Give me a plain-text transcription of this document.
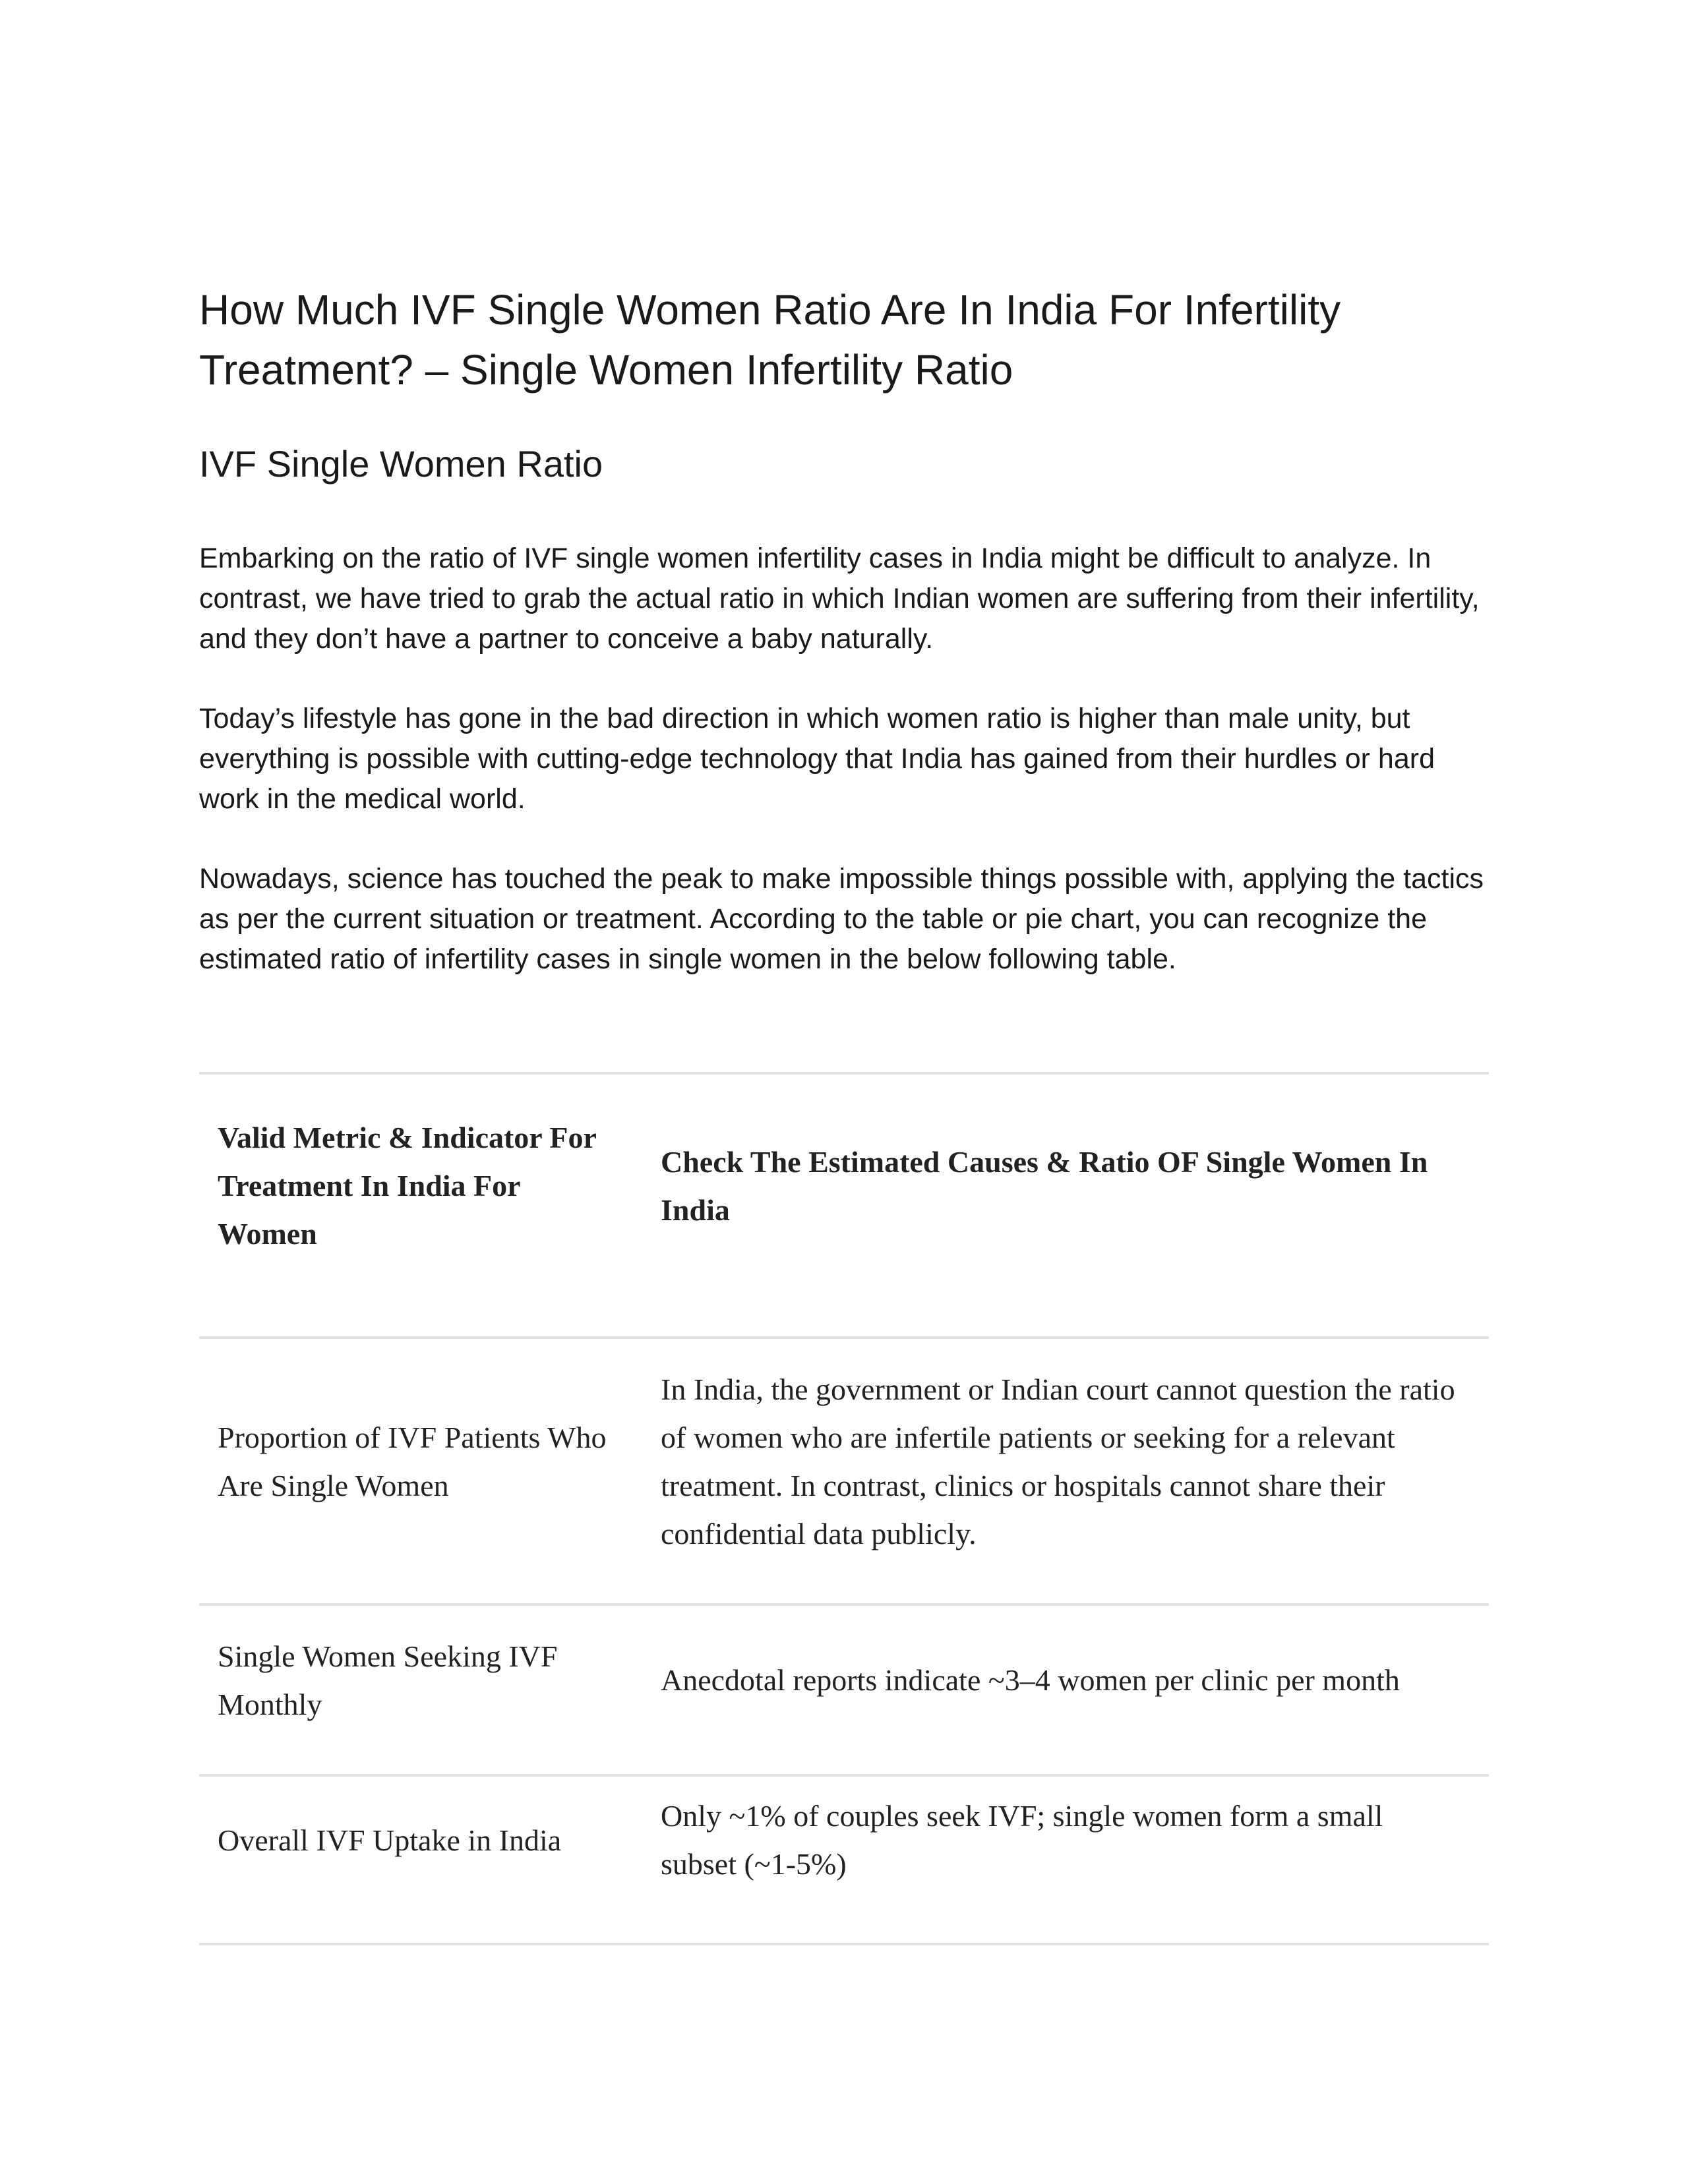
How Much IVF Single Women Ratio Are In India For Infertility Treatment? – Single Women Infertility Ratio
IVF Single Women Ratio

Embarking on the ratio of IVF single women infertility cases in India might be difficult to analyze. In contrast, we have tried to grab the actual ratio in which Indian women are suffering from their infertility, and they don’t have a partner to conceive a baby naturally.

Today’s lifestyle has gone in the bad direction in which women ratio is higher than male unity, but everything is possible with cutting-edge technology that India has gained from their hurdles or hard work in the medical world.

Nowadays, science has touched the peak to make impossible things possible with, applying the tactics as per the current situation or treatment. According to the table or pie chart, you can recognize the estimated ratio of infertility cases in single women in the below following table.

Valid Metric & Indicator For Treatment In India For Women	Check The Estimated Causes & Ratio OF Single Women In India
Proportion of IVF Patients Who Are Single Women	In India, the government or Indian court cannot question the ratio of women who are infertile patients or seeking for a relevant treatment. In contrast, clinics or hospitals cannot share their confidential data publicly.
Single Women Seeking IVF Monthly	Anecdotal reports indicate ~3–4 women per clinic per month
Overall IVF Uptake in India	Only ~1% of couples seek IVF; single women form a small subset (~1‑5%)
